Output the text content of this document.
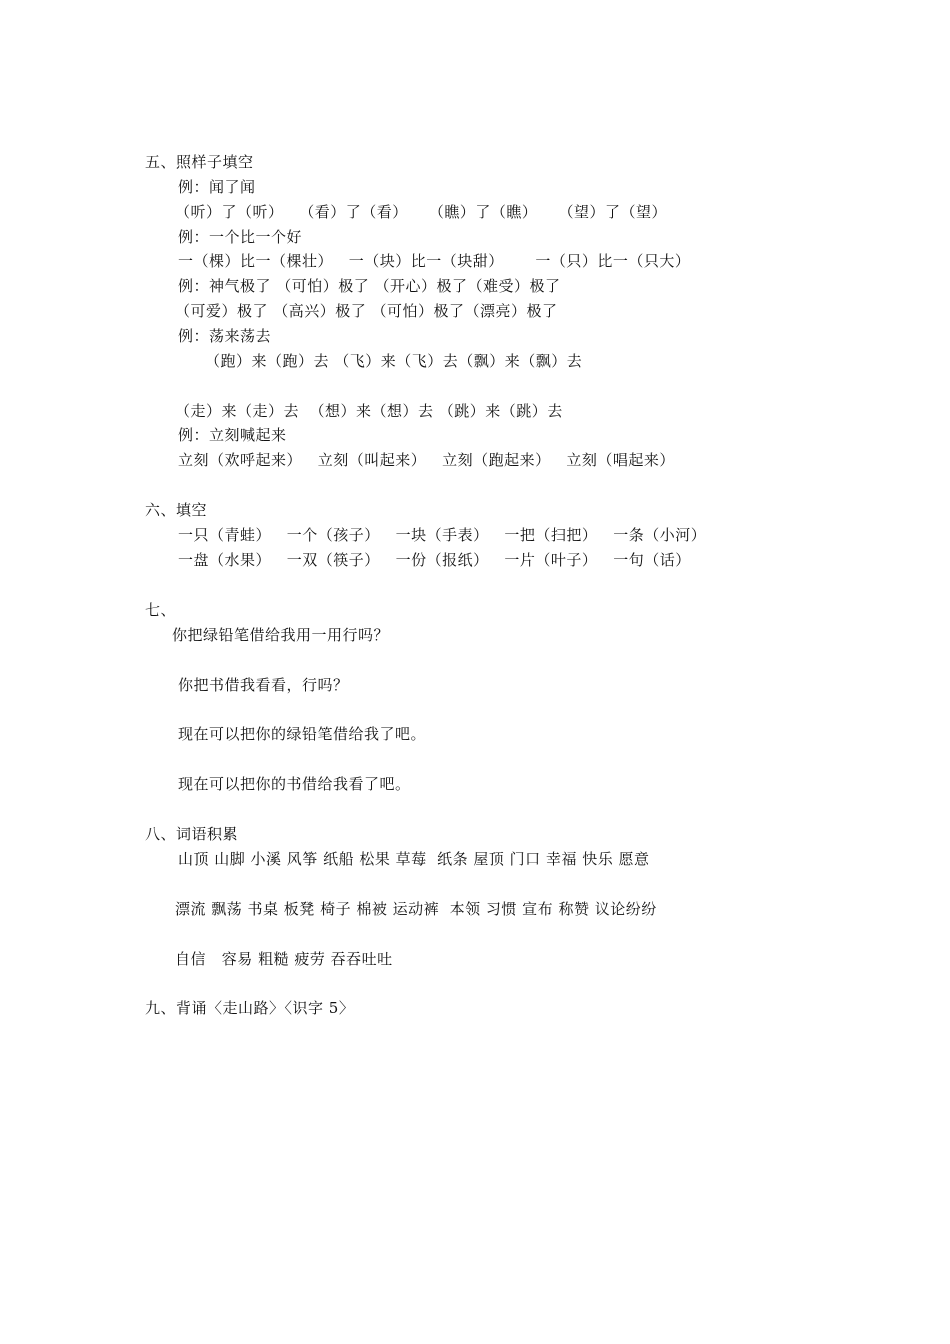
五、照样子填空
例：闻了闻
（听）了（听）   （看）了（看）    （瞧）了（瞧）    （望）了（望）
例：一个比一个好
一（棵）比一（棵壮）   一（块）比一（块甜）      一（只）比一（只大）
例：神气极了 （可怕）极了 （开心）极了（难受）极了
（可爱）极了 （高兴）极了 （可怕）极了（漂亮）极了
例：荡来荡去
（跑）来（跑）去 （飞）来（飞）去（飘）来（飘）去
（走）来（走）去  （想）来（想）去 （跳）来（跳）去
例：立刻喊起来
立刻（欢呼起来）   立刻（叫起来）   立刻（跑起来）   立刻（唱起来）
六、填空
一只（青蛙）   一个（孩子）   一块（手表）   一把（扫把）   一条（小河）
一盘（水果）   一双（筷子）   一份（报纸）   一片（叶子）   一句（话）
七、
你把绿铅笔借给我用一用行吗？
你把书借我看看，行吗？
现在可以把你的绿铅笔借给我了吧。
现在可以把你的书借给我看了吧。
八、词语积累
山顶 山脚 小溪 风筝 纸船 松果 草莓  纸条 屋顶 门口 幸福 快乐 愿意
漂流 飘荡 书桌 板凳 椅子 棉被 运动裤  本领 习惯 宣布 称赞 议论纷纷
自信   容易 粗糙 疲劳 吞吞吐吐
九、背诵〈走山路〉〈识字 5〉
